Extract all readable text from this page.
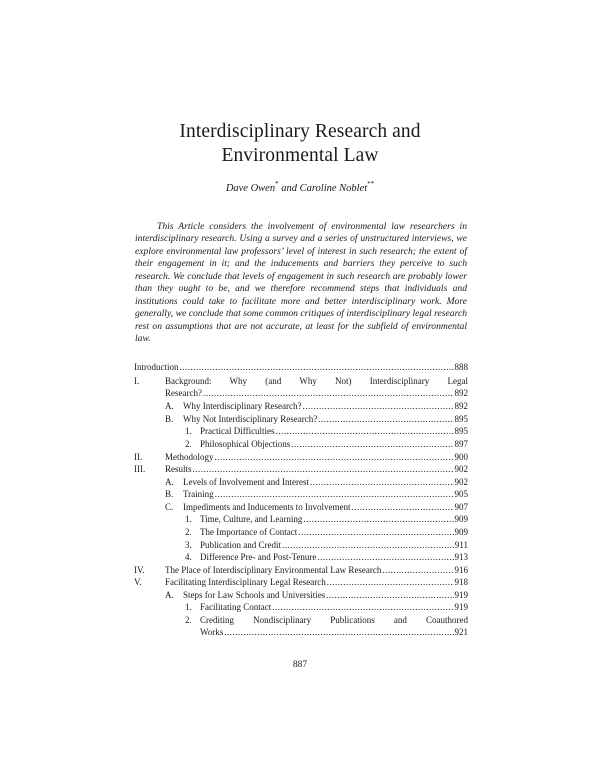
Interdisciplinary Research and
Environmental Law
Dave Owen* and Caroline Noblet**

This Article considers the involvement of environmental law researchers in interdisciplinary research. Using a survey and a series of unstructured interviews, we explore environmental law professors’ level of interest in such research; the extent of their engagement in it; and the inducements and barriers they perceive to such research. We conclude that levels of engagement in such research are probably lower than they ought to be, and we therefore recommend steps that individuals and institutions could take to facilitate more and better interdisciplinary work. More generally, we conclude that some common critiques of interdisciplinary legal research rest on assumptions that are not accurate, at least for the subfield of environmental law.

Introduction .....	888
I.	Background: Why (and Why Not) Interdisciplinary Legal
Research? .....	892
A. Why Interdisciplinary Research? .....	892
B. Why Not Interdisciplinary Research? .....	895
1. Practical Difficulties .....	895
2. Philosophical Objections .....	897
II.	Methodology .....	900
III. Results .....	902
A. Levels of Involvement and Interest .....	902
B. Training .....	905
C. Impediments and Inducements to Involvement .....	907
1. Time, Culture, and Learning .....	909
2. The Importance of Contact .....	909
3. Publication and Credit .....	911
4. Difference Pre- and Post-Tenure .....	913
IV. The Place of Interdisciplinary Environmental Law Research .....	916
V.	Facilitating Interdisciplinary Legal Research .....	918
A. Steps for Law Schools and Universities .....	919
1. Facilitating Contact .....	919
2. Crediting Nondisciplinary Publications and Coauthored
Works .....	921
887
